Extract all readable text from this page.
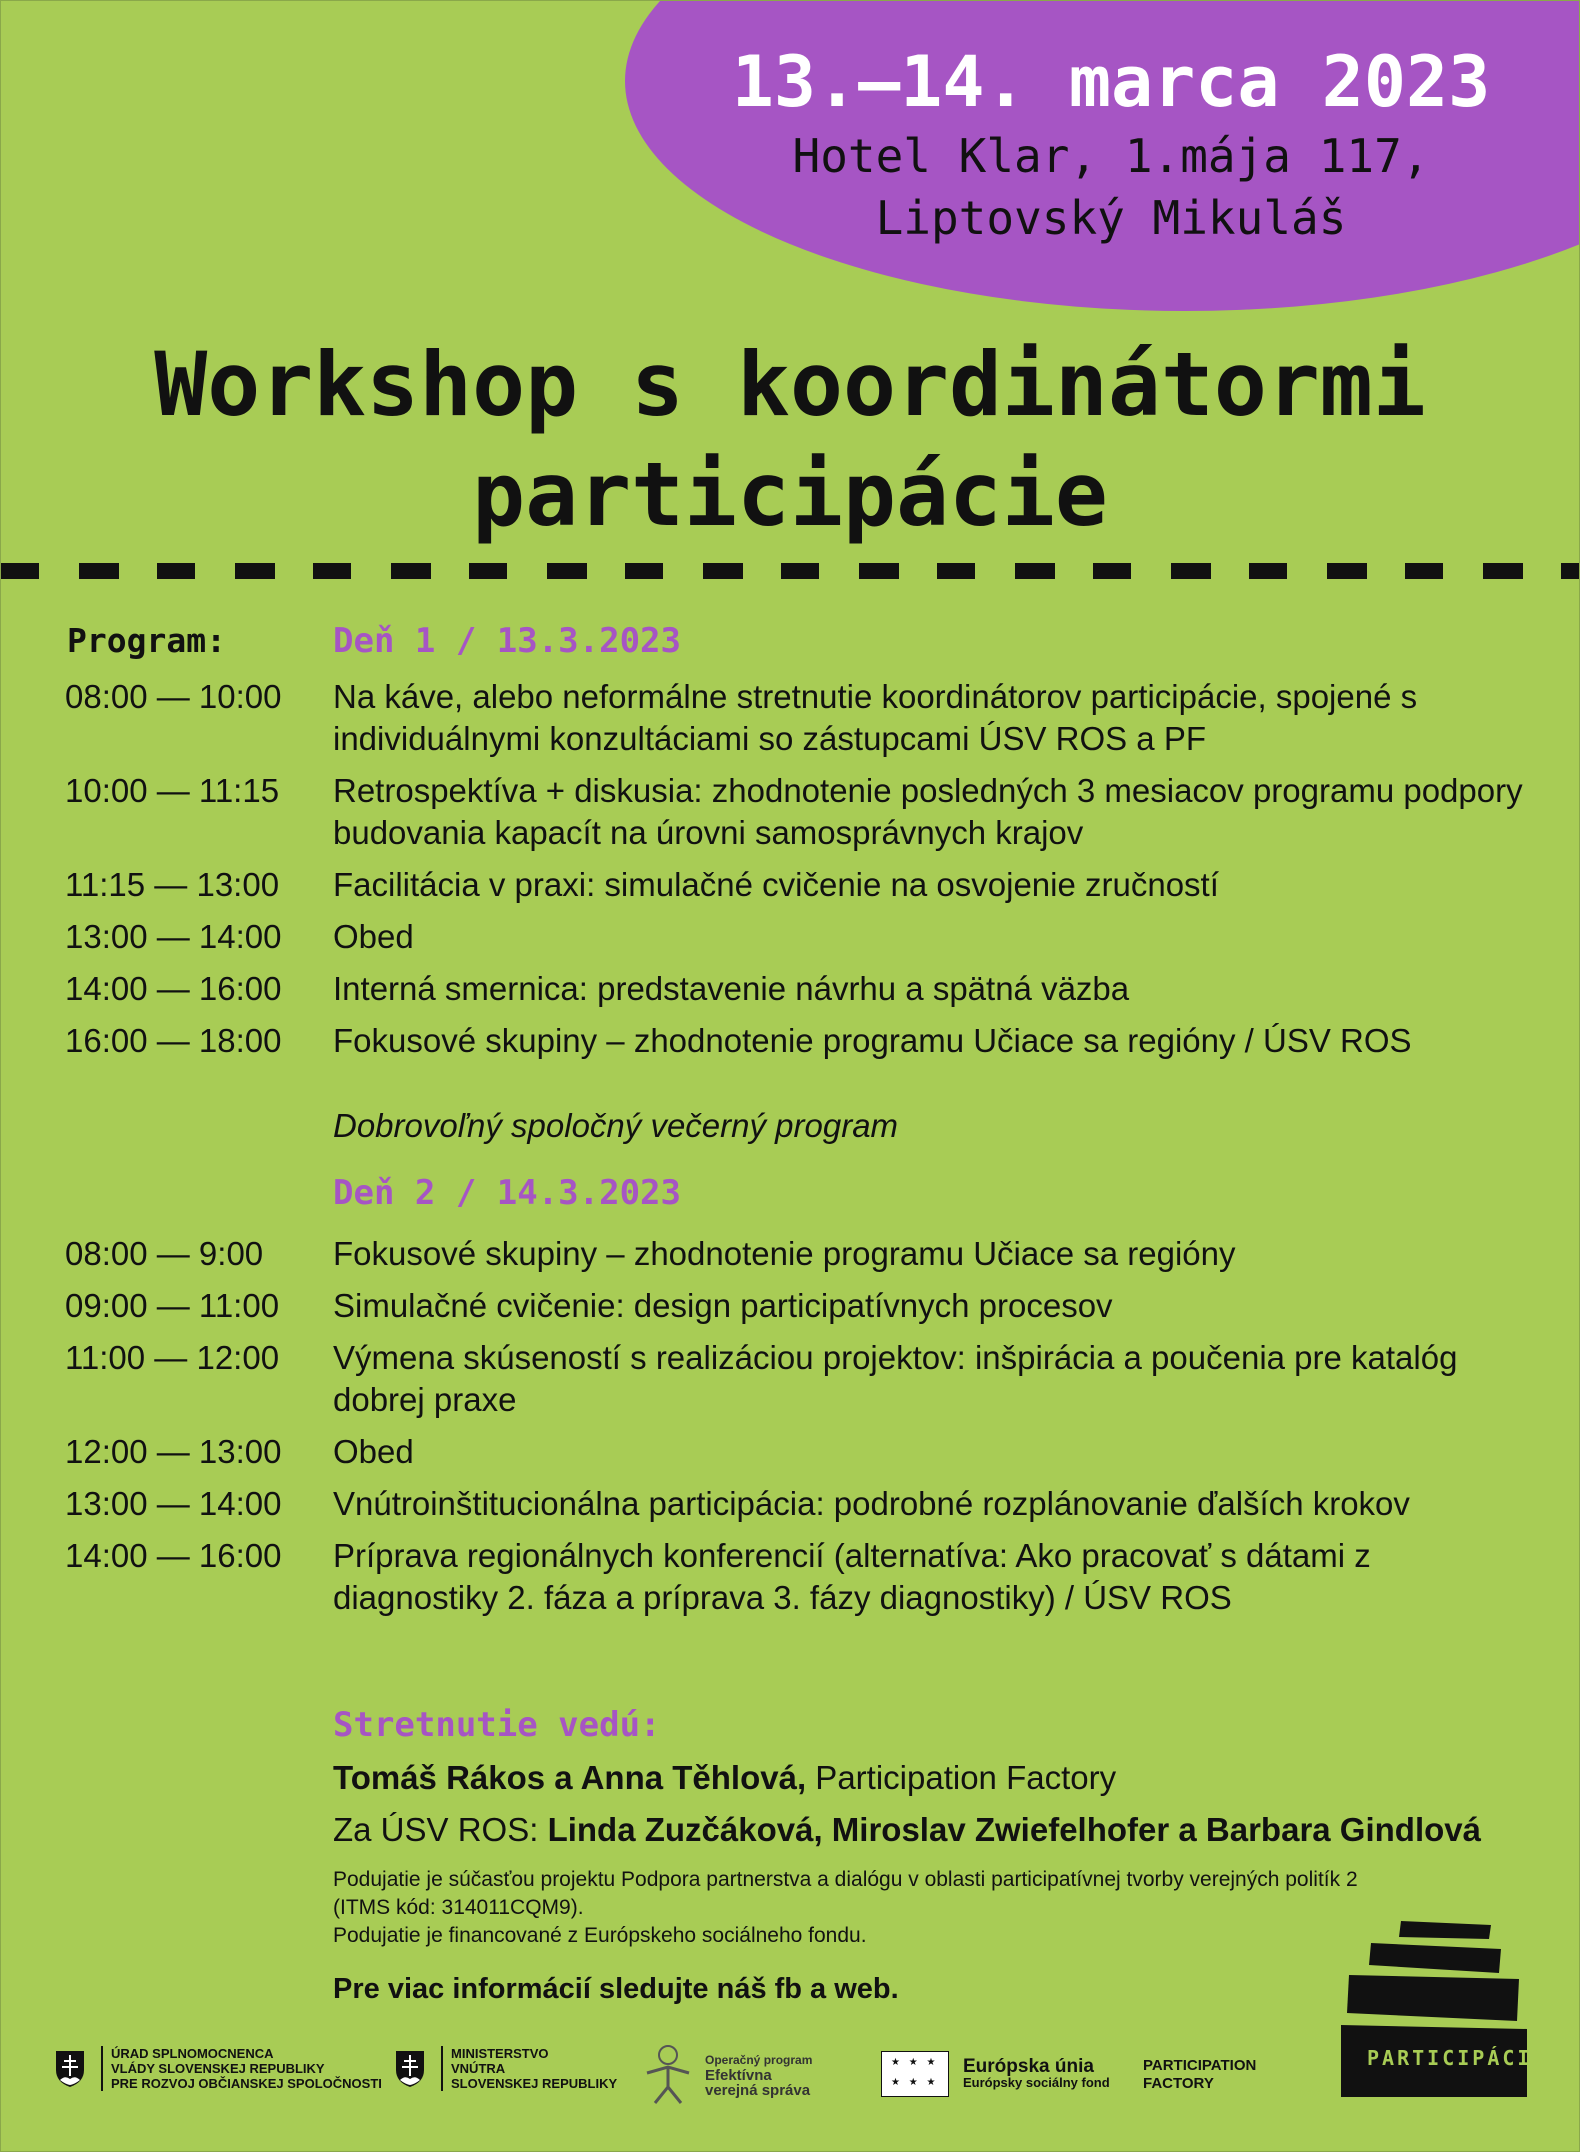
13.—14. marca 2023
Hotel Klar, 1.mája 117,
Liptovský Mikuláš
Workshop s koordinátormi
participácie
Program:	Deň 1 / 13.3.2023
08:00 — 10:00	Na káve, alebo neformálne stretnutie koordinátorov participácie, spojené s individuálnymi konzultáciami so zástupcami ÚSV ROS a PF
10:00 — 11:15	Retrospektíva + diskusia: zhodnotenie posledných 3 mesiacov programu podpory budovania kapacít na úrovni samosprávnych krajov
11:15 — 13:00	Facilitácia v praxi: simulačné cvičenie na osvojenie zručností
13:00 — 14:00	Obed
14:00 — 16:00	Interná smernica: predstavenie návrhu a spätná väzba
16:00 — 18:00	Fokusové skupiny – zhodnotenie programu Učiace sa regióny / ÚSV ROS
Dobrovoľný spoločný večerný program
Deň 2 / 14.3.2023
08:00 — 9:00	Fokusové skupiny – zhodnotenie programu Učiace sa regióny
09:00 — 11:00	Simulačné cvičenie: design participatívnych procesov
11:00 — 12:00	Výmena skúseností s realizáciou projektov: inšpirácia a poučenia pre katalóg dobrej praxe
12:00 — 13:00	Obed
13:00 — 14:00	Vnútroinštitucionálna participácia: podrobné rozplánovanie ďalších krokov
14:00 — 16:00	Príprava regionálnych konferencií (alternatíva: Ako pracovať s dátami z diagnostiky 2. fáza a príprava 3. fázy diagnostiky) / ÚSV ROS
Stretnutie vedú:
Tomáš Rákos a Anna Těhlová, Participation Factory
Za ÚSV ROS: Linda Zuzčáková, Miroslav Zwiefelhofer a Barbara Gindlová

Podujatie je súčasťou projektu Podpora partnerstva a dialógu v oblasti participatívnej tvorby verejných politík 2 (ITMS kód: 314011CQM9).

Podujatie je financované z Európskeho sociálneho fondu.

Pre viac informácií sledujte náš fb a web.
ÚRAD SPLNOMOCNENCA
VLÁDY SLOVENSKEJ REPUBLIKY
PRE ROZVOJ OBČIANSKEJ SPOLOČNOSTI
MINISTERSTVO
VNÚTRA
SLOVENSKEJ REPUBLIKY
Operačný program
Efektívna
verejná správa
★ ★ ★ ★ ★ ★
Európska únia
Európsky sociálny fond
PARTICIPATION
FACTORY
PARTICIPÁCIA
